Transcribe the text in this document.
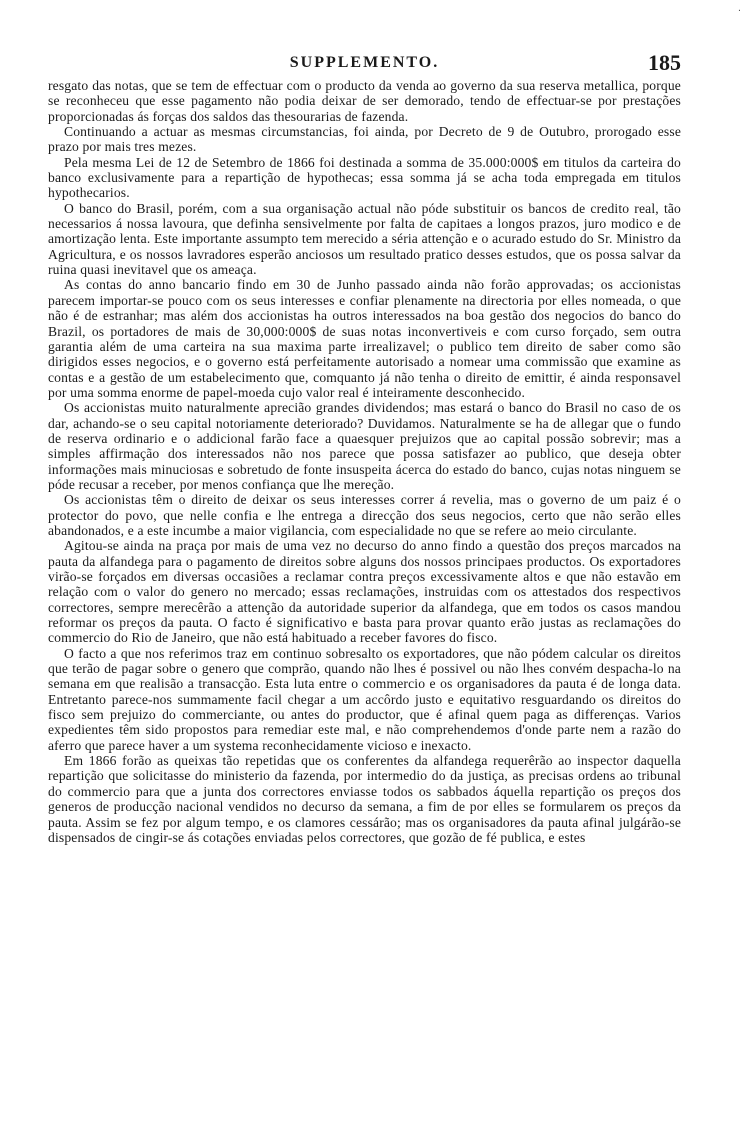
·
SUPPLEMENTO.	185

resgato das notas, que se tem de effectuar com o producto da venda ao governo da sua reserva metallica, porque se reconheceu que esse pagamento não podia deixar de ser demorado, tendo de effectuar-se por prestações proporcionadas ás forças dos saldos das thesourarias de fazenda.

Continuando a actuar as mesmas circumstancias, foi ainda, por Decreto de 9 de Outubro, prorogado esse prazo por mais tres mezes.

Pela mesma Lei de 12 de Setembro de 1866 foi destinada a somma de 35.000:000$ em titulos da carteira do banco exclusivamente para a repartição de hypothecas; essa somma já se acha toda empregada em titulos hypothecarios.

O banco do Brasil, porém, com a sua organisação actual não póde substituir os bancos de credito real, tão necessarios á nossa lavoura, que definha sensivelmente por falta de capitaes a longos prazos, juro modico e de amortização lenta. Este importante assumpto tem merecido a séria attenção e o acurado estudo do Sr. Ministro da Agricultura, e os nossos lavradores esperão anciosos um resultado pratico desses estudos, que os possa salvar da ruina quasi inevitavel que os ameaça.

As contas do anno bancario findo em 30 de Junho passado ainda não forão approvadas; os accionistas parecem importar-se pouco com os seus interesses e confiar plenamente na directoria por elles nomeada, o que não é de estranhar; mas além dos accionistas ha outros interessados na boa gestão dos negocios do banco do Brazil, os portadores de mais de 30,000:000$ de suas notas inconvertiveis e com curso forçado, sem outra garantia além de uma carteira na sua maxima parte irrealizavel; o publico tem direito de saber como são dirigidos esses negocios, e o governo está perfeitamente autorisado a nomear uma commissão que examine as contas e a gestão de um estabelecimento que, comquanto já não tenha o direito de emittir, é ainda responsavel por uma somma enorme de papel-moeda cujo valor real é inteiramente desconhecido.

Os accionistas muito naturalmente aprecião grandes dividendos; mas estará o banco do Brasil no caso de os dar, achando-se o seu capital notoriamente deteriorado? Duvidamos. Naturalmente se ha de allegar que o fundo de reserva ordinario e o addicional farão face a quaesquer prejuizos que ao capital possão sobrevir; mas a simples affirmação dos interessados não nos parece que possa satisfazer ao publico, que deseja obter informações mais minuciosas e sobretudo de fonte insuspeita ácerca do estado do banco, cujas notas ninguem se póde recusar a receber, por menos confiança que lhe mereção.

Os accionistas têm o direito de deixar os seus interesses correr á revelia, mas o governo de um paiz é o protector do povo, que nelle confia e lhe entrega a direcção dos seus negocios, certo que não serão elles abandonados, e a este incumbe a maior vigilancia, com especialidade no que se refere ao meio circulante.

Agitou-se ainda na praça por mais de uma vez no decurso do anno findo a questão dos preços marcados na pauta da alfandega para o pagamento de direitos sobre alguns dos nossos principaes productos. Os exportadores virão-se forçados em diversas occasiões a reclamar contra preços excessivamente altos e que não estavão em relação com o valor do genero no mercado; essas reclamações, instruidas com os attestados dos respectivos correctores, sempre merecêrão a attenção da autoridade superior da alfandega, que em todos os casos mandou reformar os preços da pauta. O facto é significativo e basta para provar quanto erão justas as reclamações do commercio do Rio de Janeiro, que não está habituado a receber favores do fisco.

O facto a que nos referimos traz em continuo sobresalto os exportadores, que não pódem calcular os direitos que terão de pagar sobre o genero que comprão, quando não lhes é possivel ou não lhes convém despacha-lo na semana em que realisão a transacção. Esta luta entre o commercio e os organisadores da pauta é de longa data. Entretanto parece-nos summamente facil chegar a um accôrdo justo e equitativo resguardando os direitos do fisco sem prejuizo do commerciante, ou antes do productor, que é afinal quem paga as differenças. Varios expedientes têm sido propostos para remediar este mal, e não comprehendemos d'onde parte nem a razão do aferro que parece haver a um systema reconhecidamente vicioso e inexacto.

Em 1866 forão as queixas tão repetidas que os conferentes da alfandega requerêrão ao inspector daquella repartição que solicitasse do ministerio da fazenda, por intermedio do da justiça, as precisas ordens ao tribunal do commercio para que a junta dos correctores enviasse todos os sabbados áquella repartição os preços dos generos de producção nacional vendidos no decurso da semana, a fim de por elles se formularem os preços da pauta. Assim se fez por algum tempo, e os clamores cessárão; mas os organisadores da pauta afinal julgárão-se dispensados de cingir-se ás cotações enviadas pelos correctores, que gozão de fé publica, e estes
